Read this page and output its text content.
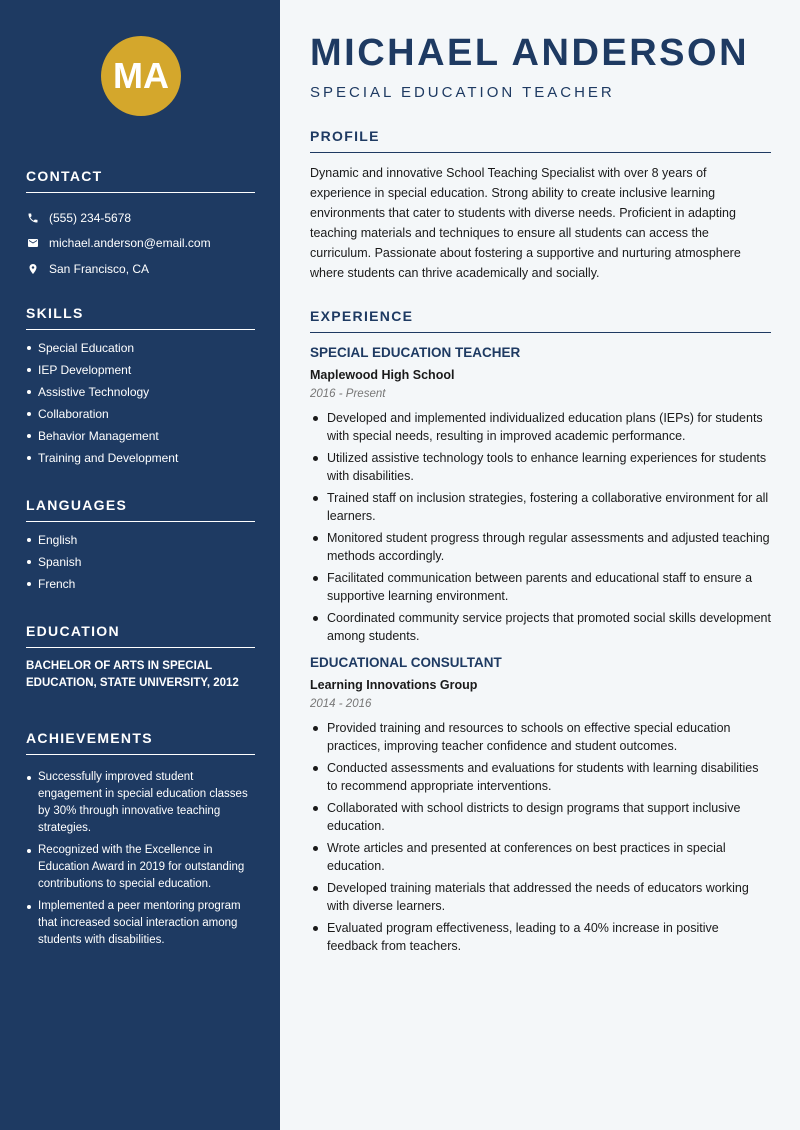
MA
CONTACT
(555) 234-5678
michael.anderson@email.com
San Francisco, CA
SKILLS
Special Education
IEP Development
Assistive Technology
Collaboration
Behavior Management
Training and Development
LANGUAGES
English
Spanish
French
EDUCATION
BACHELOR OF ARTS IN SPECIAL EDUCATION, STATE UNIVERSITY, 2012
ACHIEVEMENTS
Successfully improved student engagement in special education classes by 30% through innovative teaching strategies.
Recognized with the Excellence in Education Award in 2019 for outstanding contributions to special education.
Implemented a peer mentoring program that increased social interaction among students with disabilities.
MICHAEL ANDERSON
SPECIAL EDUCATION TEACHER
PROFILE

Dynamic and innovative School Teaching Specialist with over 8 years of experience in special education. Strong ability to create inclusive learning environments that cater to students with diverse needs. Proficient in adapting teaching materials and techniques to ensure all students can access the curriculum. Passionate about fostering a supportive and nurturing atmosphere where students can thrive academically and socially.

EXPERIENCE
SPECIAL EDUCATION TEACHER
Maplewood High School
2016 - Present
Developed and implemented individualized education plans (IEPs) for students with special needs, resulting in improved academic performance.
Utilized assistive technology tools to enhance learning experiences for students with disabilities.
Trained staff on inclusion strategies, fostering a collaborative environment for all learners.
Monitored student progress through regular assessments and adjusted teaching methods accordingly.
Facilitated communication between parents and educational staff to ensure a supportive learning environment.
Coordinated community service projects that promoted social skills development among students.
EDUCATIONAL CONSULTANT
Learning Innovations Group
2014 - 2016
Provided training and resources to schools on effective special education practices, improving teacher confidence and student outcomes.
Conducted assessments and evaluations for students with learning disabilities to recommend appropriate interventions.
Collaborated with school districts to design programs that support inclusive education.
Wrote articles and presented at conferences on best practices in special education.
Developed training materials that addressed the needs of educators working with diverse learners.
Evaluated program effectiveness, leading to a 40% increase in positive feedback from teachers.
